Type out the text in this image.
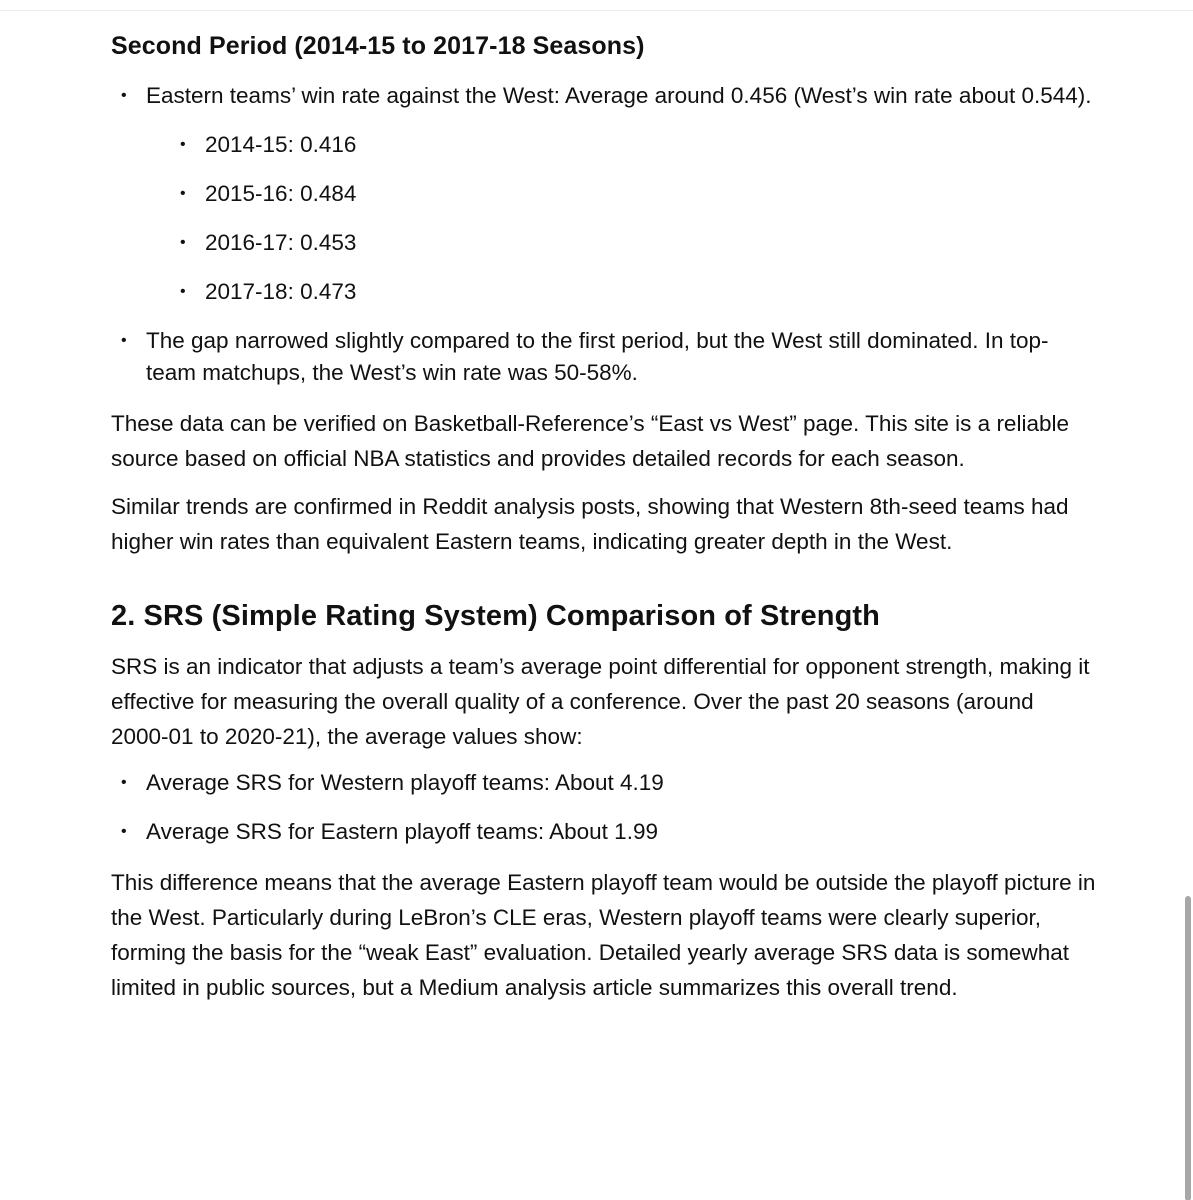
Second Period (2014-15 to 2017-18 Seasons)
• Eastern teams’ win rate against the West: Average around 0.456 (West’s win rate about 0.544).
• 2014-15: 0.416
• 2015-16: 0.484
• 2016-17: 0.453
• 2017-18: 0.473
• The gap narrowed slightly compared to the first period, but the West still dominated. In top-team matchups, the West’s win rate was 50-58%.

These data can be verified on Basketball-Reference’s “East vs West” page. This site is a reliable source based on official NBA statistics and provides detailed records for each season.

Similar trends are confirmed in Reddit analysis posts, showing that Western 8th-seed teams had higher win rates than equivalent Eastern teams, indicating greater depth in the West.

2. SRS (Simple Rating System) Comparison of Strength

SRS is an indicator that adjusts a team’s average point differential for opponent strength, making it effective for measuring the overall quality of a conference. Over the past 20 seasons (around 2000-01 to 2020-21), the average values show:

• Average SRS for Western playoff teams: About 4.19
• Average SRS for Eastern playoff teams: About 1.99

This difference means that the average Eastern playoff team would be outside the playoff picture in the West. Particularly during LeBron’s CLE eras, Western playoff teams were clearly superior, forming the basis for the “weak East” evaluation. Detailed yearly average SRS data is somewhat limited in public sources, but a Medium analysis article summarizes this overall trend.
